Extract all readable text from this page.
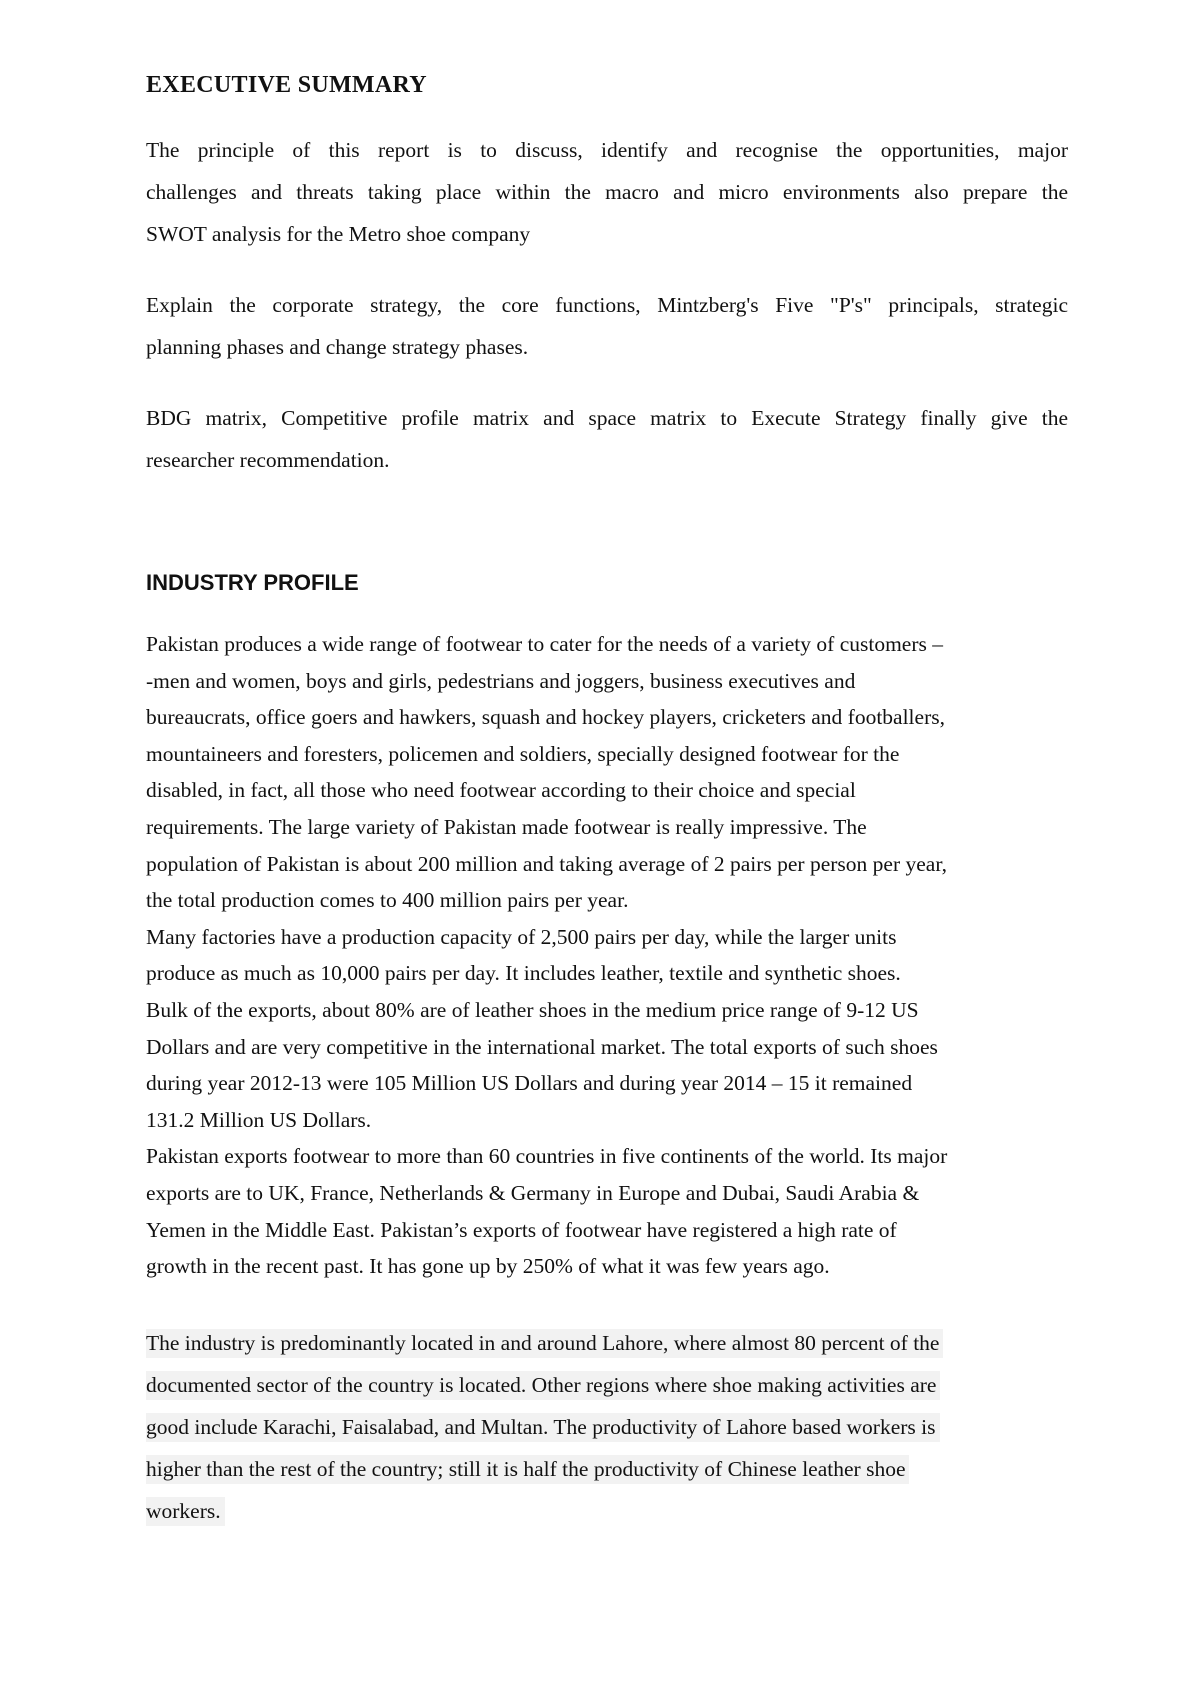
EXECUTIVE SUMMARY

The principle of this report is to discuss, identify and recognise the opportunities, major
challenges and threats taking place within the macro and micro environments also prepare the
SWOT analysis for the Metro shoe company

Explain the corporate strategy, the core functions, Mintzberg's Five "P's" principals, strategic
planning phases and change strategy phases.

BDG matrix, Competitive profile matrix and space matrix to Execute Strategy finally give the
researcher recommendation.

INDUSTRY PROFILE
Pakistan produces a wide range of footwear to cater for the needs of a variety of customers –
-men and women, boys and girls, pedestrians and joggers, business executives and
bureaucrats, office goers and hawkers, squash and hockey players, cricketers and footballers,
mountaineers and foresters, policemen and soldiers, specially designed footwear for the
disabled, in fact, all those who need footwear according to their choice and special
requirements. The large variety of Pakistan made footwear is really impressive. The
population of Pakistan is about 200 million and taking average of 2 pairs per person per year,
the total production comes to 400 million pairs per year.
Many factories have a production capacity of 2,500 pairs per day, while the larger units
produce as much as 10,000 pairs per day. It includes leather, textile and synthetic shoes.
Bulk of the exports, about 80% are of leather shoes in the medium price range of 9-12 US
Dollars and are very competitive in the international market. The total exports of such shoes
during year 2012-13 were 105 Million US Dollars and during year 2014 – 15 it remained
131.2 Million US Dollars.
Pakistan exports footwear to more than 60 countries in five continents of the world. Its major
exports are to UK, France, Netherlands & Germany in Europe and Dubai, Saudi Arabia &
Yemen in the Middle East. Pakistan’s exports of footwear have registered a high rate of
growth in the recent past. It has gone up by 250% of what it was few years ago.
The industry is predominantly located in and around Lahore, where almost 80 percent of the
documented sector of the country is located. Other regions where shoe making activities are
good include Karachi, Faisalabad, and Multan. The productivity of Lahore based workers is
higher than the rest of the country; still it is half the productivity of Chinese leather shoe
workers.
